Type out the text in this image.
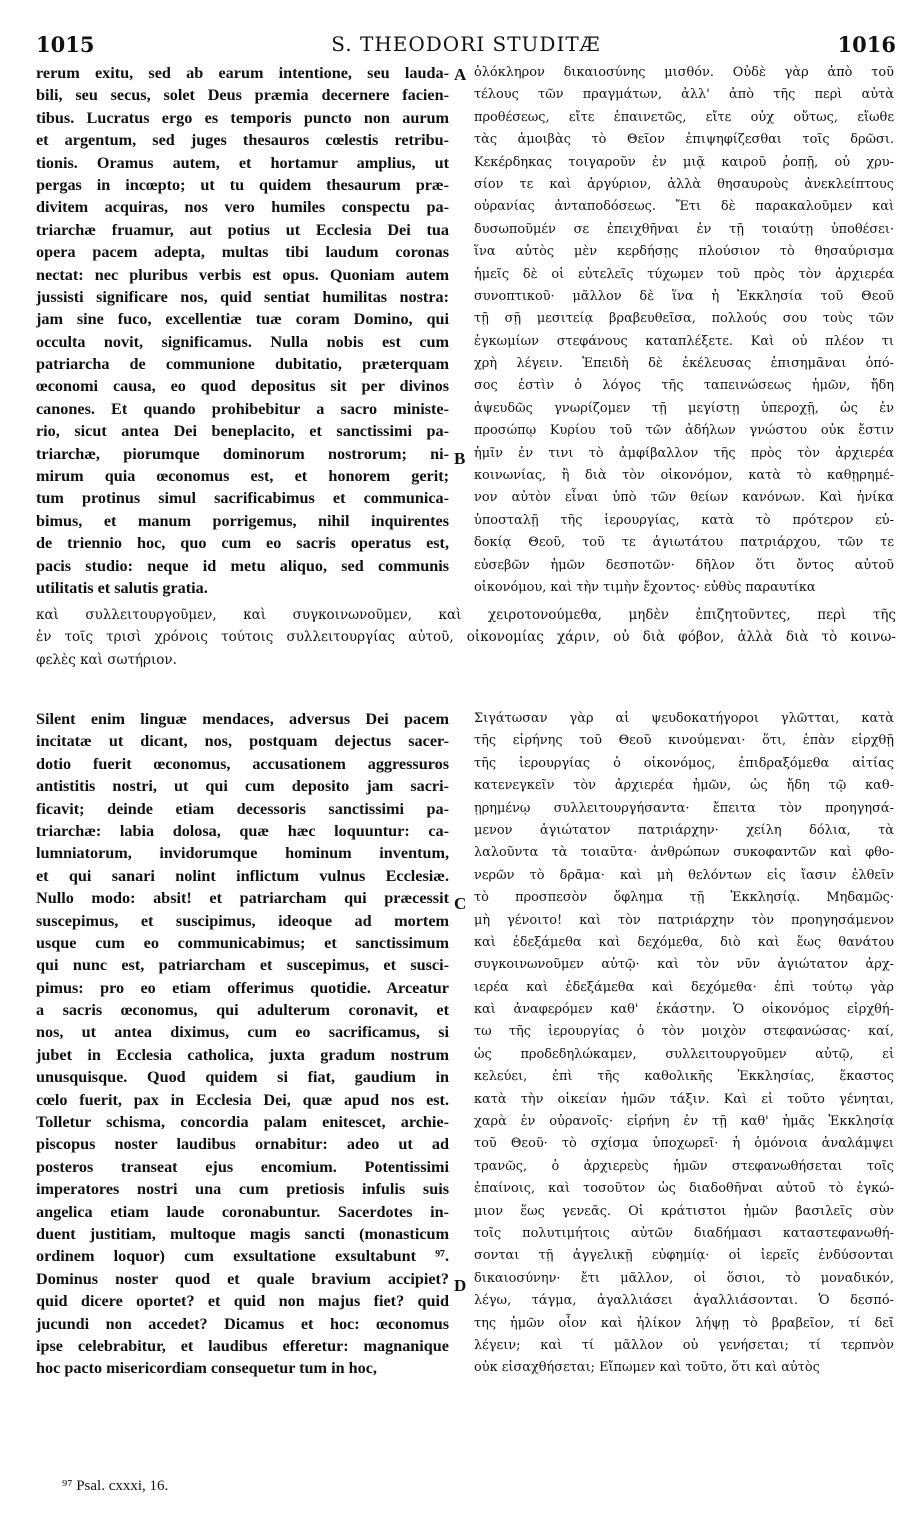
1015	S. THEODORI STUDITÆ	1016
rerum exitu, sed ab earum intentione, seu lauda-
bili, seu secus, solet Deus præmia decernere facien-
tibus. Lucratus ergo es temporis puncto non aurum
et argentum, sed juges thesauros cœlestis retribu-
tionis. Oramus autem, et hortamur amplius, ut
pergas in incœpto; ut tu quidem thesaurum præ-
divitem acquiras, nos vero humiles conspectu pa-
triarchæ fruamur, aut potius ut Ecclesia Dei tua
opera pacem adepta, multas tibi laudum coronas
nectat: nec pluribus verbis est opus. Quoniam autem
jussisti significare nos, quid sentiat humilitas nostra:
jam sine fuco, excellentiæ tuæ coram Domino, qui
occulta novit, significamus. Nulla nobis est cum
patriarcha de communione dubitatio, præterquam
œconomi causa, eo quod depositus sit per divinos
canones. Et quando prohibebitur a sacro ministe-
rio, sicut antea Dei beneplacito, et sanctissimi pa-
triarchæ, piorumque dominorum nostrorum; ni-
mirum quia œconomus est, et honorem gerit;
tum protinus simul sacrificabimus et communica-
bimus, et manum porrigemus, nihil inquirentes
de triennio hoc, quo cum eo sacris operatus est,
pacis studio: neque id metu aliquo, sed communis
utilitatis et salutis gratia.
ὁλόκληρον δικαιοσύνης μισθόν. Οὐδὲ γὰρ ἀπὸ τοῦ
τέλους τῶν πραγμάτων, ἀλλ' ἀπὸ τῆς περὶ αὐτὰ
προθέσεως, εἴτε ἐπαινετῶς, εἴτε οὐχ οὕτως, εἴωθε
τὰς ἀμοιβὰς τὸ Θεῖον ἐπιψηφίζεσθαι τοῖς δρῶσι.
Κεκέρδηκας τοιγαροῦν ἐν μιᾷ καιροῦ ῥοπῇ, οὐ χρυ-
σίον τε καὶ ἀργύριον, ἀλλὰ θησαυροὺς ἀνεκλείπτους
οὐρανίας ἀνταποδόσεως. Ἔτι δὲ παρακαλοῦμεν καὶ
δυσωποῦμέν σε ἐπειχθῆναι ἐν τῇ τοιαύτῃ ὑποθέσει·
ἵνα αὐτὸς μὲν κερδήσῃς πλούσιον τὸ θησαύρισμα
ἡμεῖς δὲ οἱ εὐτελεῖς τύχωμεν τοῦ πρὸς τὸν ἀρχιερέα
συνοπτικοῦ· μᾶλλον δὲ ἵνα ἡ Ἐκκλησία τοῦ Θεοῦ
τῇ σῇ μεσιτείᾳ βραβευθεῖσα, πολλούς σου τοὺς τῶν
ἐγκωμίων στεφάνους καταπλέξετε. Καὶ οὐ πλέον τι
χρὴ λέγειν. Ἐπειδὴ δὲ ἐκέλευσας ἐπισημᾶναι ὁπό-
σος ἐστὶν ὁ λόγος τῆς ταπεινώσεως ἡμῶν, ἤδη
ἀψευδῶς γνωρίζομεν τῇ μεγίστῃ ὑπεροχῇ, ὡς ἐν
προσώπῳ Κυρίου τοῦ τῶν ἀδήλων γνώστου οὐκ ἔστιν
ἡμῖν ἐν τινι τὸ ἀμφίβαλλον τῆς πρὸς τὸν ἀρχιερέα
κοινωνίας, ἢ διὰ τὸν οἰκονόμον, κατὰ τὸ καθῃρημέ-
νον αὐτὸν εἶναι ὑπὸ τῶν θείων κανόνων. Καὶ ἡνίκα
ὑποσταλῇ τῆς ἱερουργίας, κατὰ τὸ πρότερον εὐ-
δοκίᾳ Θεοῦ, τοῦ τε ἁγιωτάτου πατριάρχου, τῶν τε
εὐσεβῶν ἡμῶν δεσποτῶν· δῆλον ὅτι ὄντος αὐτοῦ
οἰκονόμου, καὶ τὴν τιμὴν ἔχοντος· εὐθὺς παραυτίκα
A
B
C
D
καὶ συλλειτουργοῦμεν, καὶ συγκοινωνοῦμεν, καὶ χειροτονούμεθα, μηδὲν ἐπιζητοῦντες, περὶ τῆς
ἐν τοῖς τρισὶ χρόνοις τούτοις συλλειτουργίας αὐτοῦ, οἰκονομίας χάριν, οὐ διὰ φόβον, ἀλλὰ διὰ τὸ κοινω-
φελὲς καὶ σωτήριον.
Silent enim linguæ mendaces, adversus Dei pacem
incitatæ ut dicant, nos, postquam dejectus sacer-
dotio fuerit œconomus, accusationem aggressuros
antistitis nostri, ut qui cum deposito jam sacri-
ficavit; deinde etiam decessoris sanctissimi pa-
triarchæ: labia dolosa, quæ hæc loquuntur: ca-
lumniatorum, invidorumque hominum inventum,
et qui sanari nolint inflictum vulnus Ecclesiæ.
Nullo modo: absit! et patriarcham qui præcessit
suscepimus, et suscipimus, ideoque ad mortem
usque cum eo communicabimus; et sanctissimum
qui nunc est, patriarcham et suscepimus, et susci-
pimus: pro eo etiam offerimus quotidie. Arceatur
a sacris œconomus, qui adulterum coronavit, et
nos, ut antea diximus, cum eo sacrificamus, si
jubet in Ecclesia catholica, juxta gradum nostrum
unusquisque. Quod quidem si fiat, gaudium in
cœlo fuerit, pax in Ecclesia Dei, quæ apud nos est.
Tolletur schisma, concordia palam enitescet, archie-
piscopus noster laudibus ornabitur: adeo ut ad
posteros transeat ejus encomium. Potentissimi
imperatores nostri una cum pretiosis infulis suis
angelica etiam laude coronabuntur. Sacerdotes in-
duent justitiam, multoque magis sancti (monasticum
ordinem loquor) cum exsultatione exsultabunt ⁹⁷.
Dominus noster quod et quale bravium accipiet?
quid dicere oportet? et quid non majus fiet? quid
jucundi non accedet? Dicamus et hoc: œconomus
ipse celebrabitur, et laudibus efferetur: magnanique
hoc pacto misericordiam consequetur tum in hoc,
Σιγάτωσαν γὰρ αἱ ψευδοκατήγοροι γλῶτται, κατὰ
τῆς εἰρήνης τοῦ Θεοῦ κινούμεναι· ὅτι, ἐπὰν εἰρχθῇ
τῆς ἱερουργίας ὁ οἰκονόμος, ἐπιδραξόμεθα αἰτίας
κατενεγκεῖν τὸν ἀρχιερέα ἡμῶν, ὡς ἤδη τῷ καθ-
ῃρημένῳ συλλειτουργήσαντα· ἔπειτα τὸν προηγησά-
μενον ἁγιώτατον πατριάρχην· χείλη δόλια, τὰ
λαλοῦντα τὰ τοιαῦτα· ἀνθρώπων συκοφαντῶν καὶ φθο-
νερῶν τὸ δρᾶμα· καὶ μὴ θελόντων εἰς ἴασιν ἐλθεῖν
τὸ προσπεσὸν ὄφλημα τῇ Ἐκκλησίᾳ. Μηδαμῶς·
μὴ γένοιτο! καὶ τὸν πατριάρχην τὸν προηγησάμενον
καὶ ἐδεξάμεθα καὶ δεχόμεθα, διὸ καὶ ἕως θανάτου
συγκοινωνοῦμεν αὐτῷ· καὶ τὸν νῦν ἁγιώτατον ἀρχ-
ιερέα καὶ ἐδεξάμεθα καὶ δεχόμεθα· ἐπὶ τούτῳ γὰρ
καὶ ἀναφερόμεν καθ' ἑκάστην. Ὁ οἰκονόμος εἰρχθή-
τω τῆς ἱερουργίας ὁ τὸν μοιχὸν στεφανώσας· καί,
ὡς προδεδηλώκαμεν, συλλειτουργοῦμεν αὐτῷ, εἰ
κελεύει, ἐπὶ τῆς καθολικῆς Ἐκκλησίας, ἕκαστος
κατὰ τὴν οἰκείαν ἡμῶν τάξιν. Καὶ εἰ τοῦτο γένηται,
χαρὰ ἐν οὐρανοῖς· εἰρήνη ἐν τῇ καθ' ἡμᾶς Ἐκκλησίᾳ
τοῦ Θεοῦ· τὸ σχίσμα ὑποχωρεῖ· ἡ ὁμόνοια ἀναλάμψει
τρανῶς, ὁ ἀρχιερεὺς ἡμῶν στεφανωθήσεται τοῖς
ἐπαίνοις, καὶ τοσοῦτον ὡς διαδοθῆναι αὐτοῦ τὸ ἐγκώ-
μιον ἕως γενεᾶς. Οἱ κράτιστοι ἡμῶν βασιλεῖς σὺν
τοῖς πολυτιμήτοις αὐτῶν διαδήμασι καταστεφανωθή-
σονται τῇ ἀγγελικῇ εὐφημίᾳ· οἱ ἱερεῖς ἐνδύσονται
δικαιοσύνην· ἔτι μᾶλλον, οἱ ὅσιοι, τὸ μοναδικόν,
λέγω, τάγμα, ἀγαλλιάσει ἀγαλλιάσονται. Ὁ δεσπό-
της ἡμῶν οἷον καὶ ἡλίκον λήψῃ τὸ βραβεῖον, τί δεῖ
λέγειν; καὶ τί μᾶλλον οὐ γενήσεται; τί τερπνὸν
οὐκ εἰσαχθήσεται; Εἴπωμεν καὶ τοῦτο, ὅτι καὶ αὐτὸς
⁹⁷ Psal. cxxxi, 16.
